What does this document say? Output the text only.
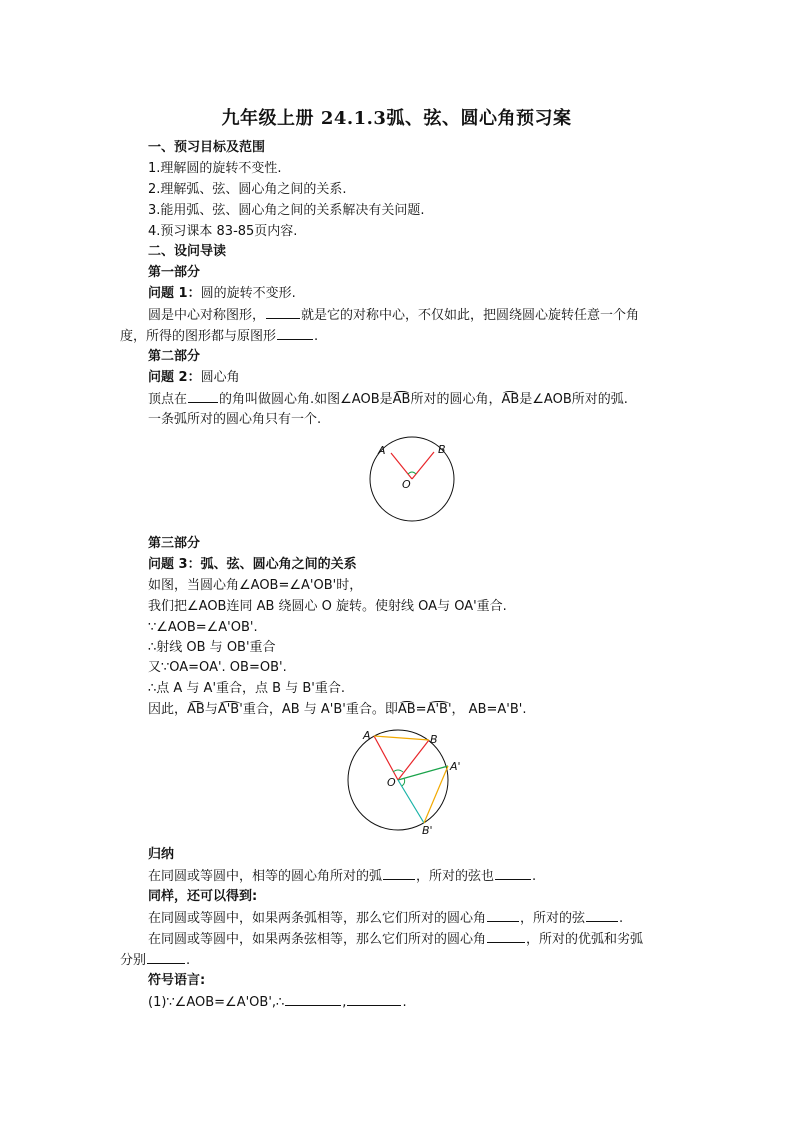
九年级上册 24.1.3弧、弦、圆心角预习案
一、预习目标及范围
1.理解圆的旋转不变性.
2.理解弧、弦、圆心角之间的关系.
3.能用弧、弦、圆心角之间的关系解决有关问题.
4.预习课本 83-85页内容.
二、设问导读
第一部分
问题 1：圆的旋转不变形.
圆是中心对称图形，	就是它的对称中心，不仅如此，把圆绕圆心旋转任意一个角
度，所得的图形都与原图形	.
第二部分
问题 2：圆心角
顶点在 的角叫做圆心角.如图∠AOB是AB所对的圆心角，AB是∠AOB所对的弧.
一条弧所对的圆心角只有一个.
A	B
O
第三部分
问题 3：弧、弦、圆心角之间的关系
如图，当圆心角∠AOB=∠A'OB'时，
我们把∠AOB连同 AB 绕圆心 O 旋转。使射线 OA与 OA'重合.
∵∠AOB=∠A'OB'.
∴射线 OB 与 OB'重合
又∵OA=OA'. OB=OB'.
∴点 A 与 A'重合，点 B 与 B'重合.
因此，AB与A'B'重合，AB 与 A'B'重合。即AB=A'B'， AB=A'B'.
A	B
A'
B'
O
归纳
在同圆或等圆中，相等的圆心角所对的弧	，所对的弦也	.
同样，还可以得到:
在同圆或等圆中，如果两条弧相等，那么它们所对的圆心角	，所对的弦	.
在同圆或等圆中，如果两条弦相等，那么它们所对的圆心角	，所对的优弧和劣弧
分别	.
符号语言:
(1)∵∠AOB=∠A'OB',∴	,	.
